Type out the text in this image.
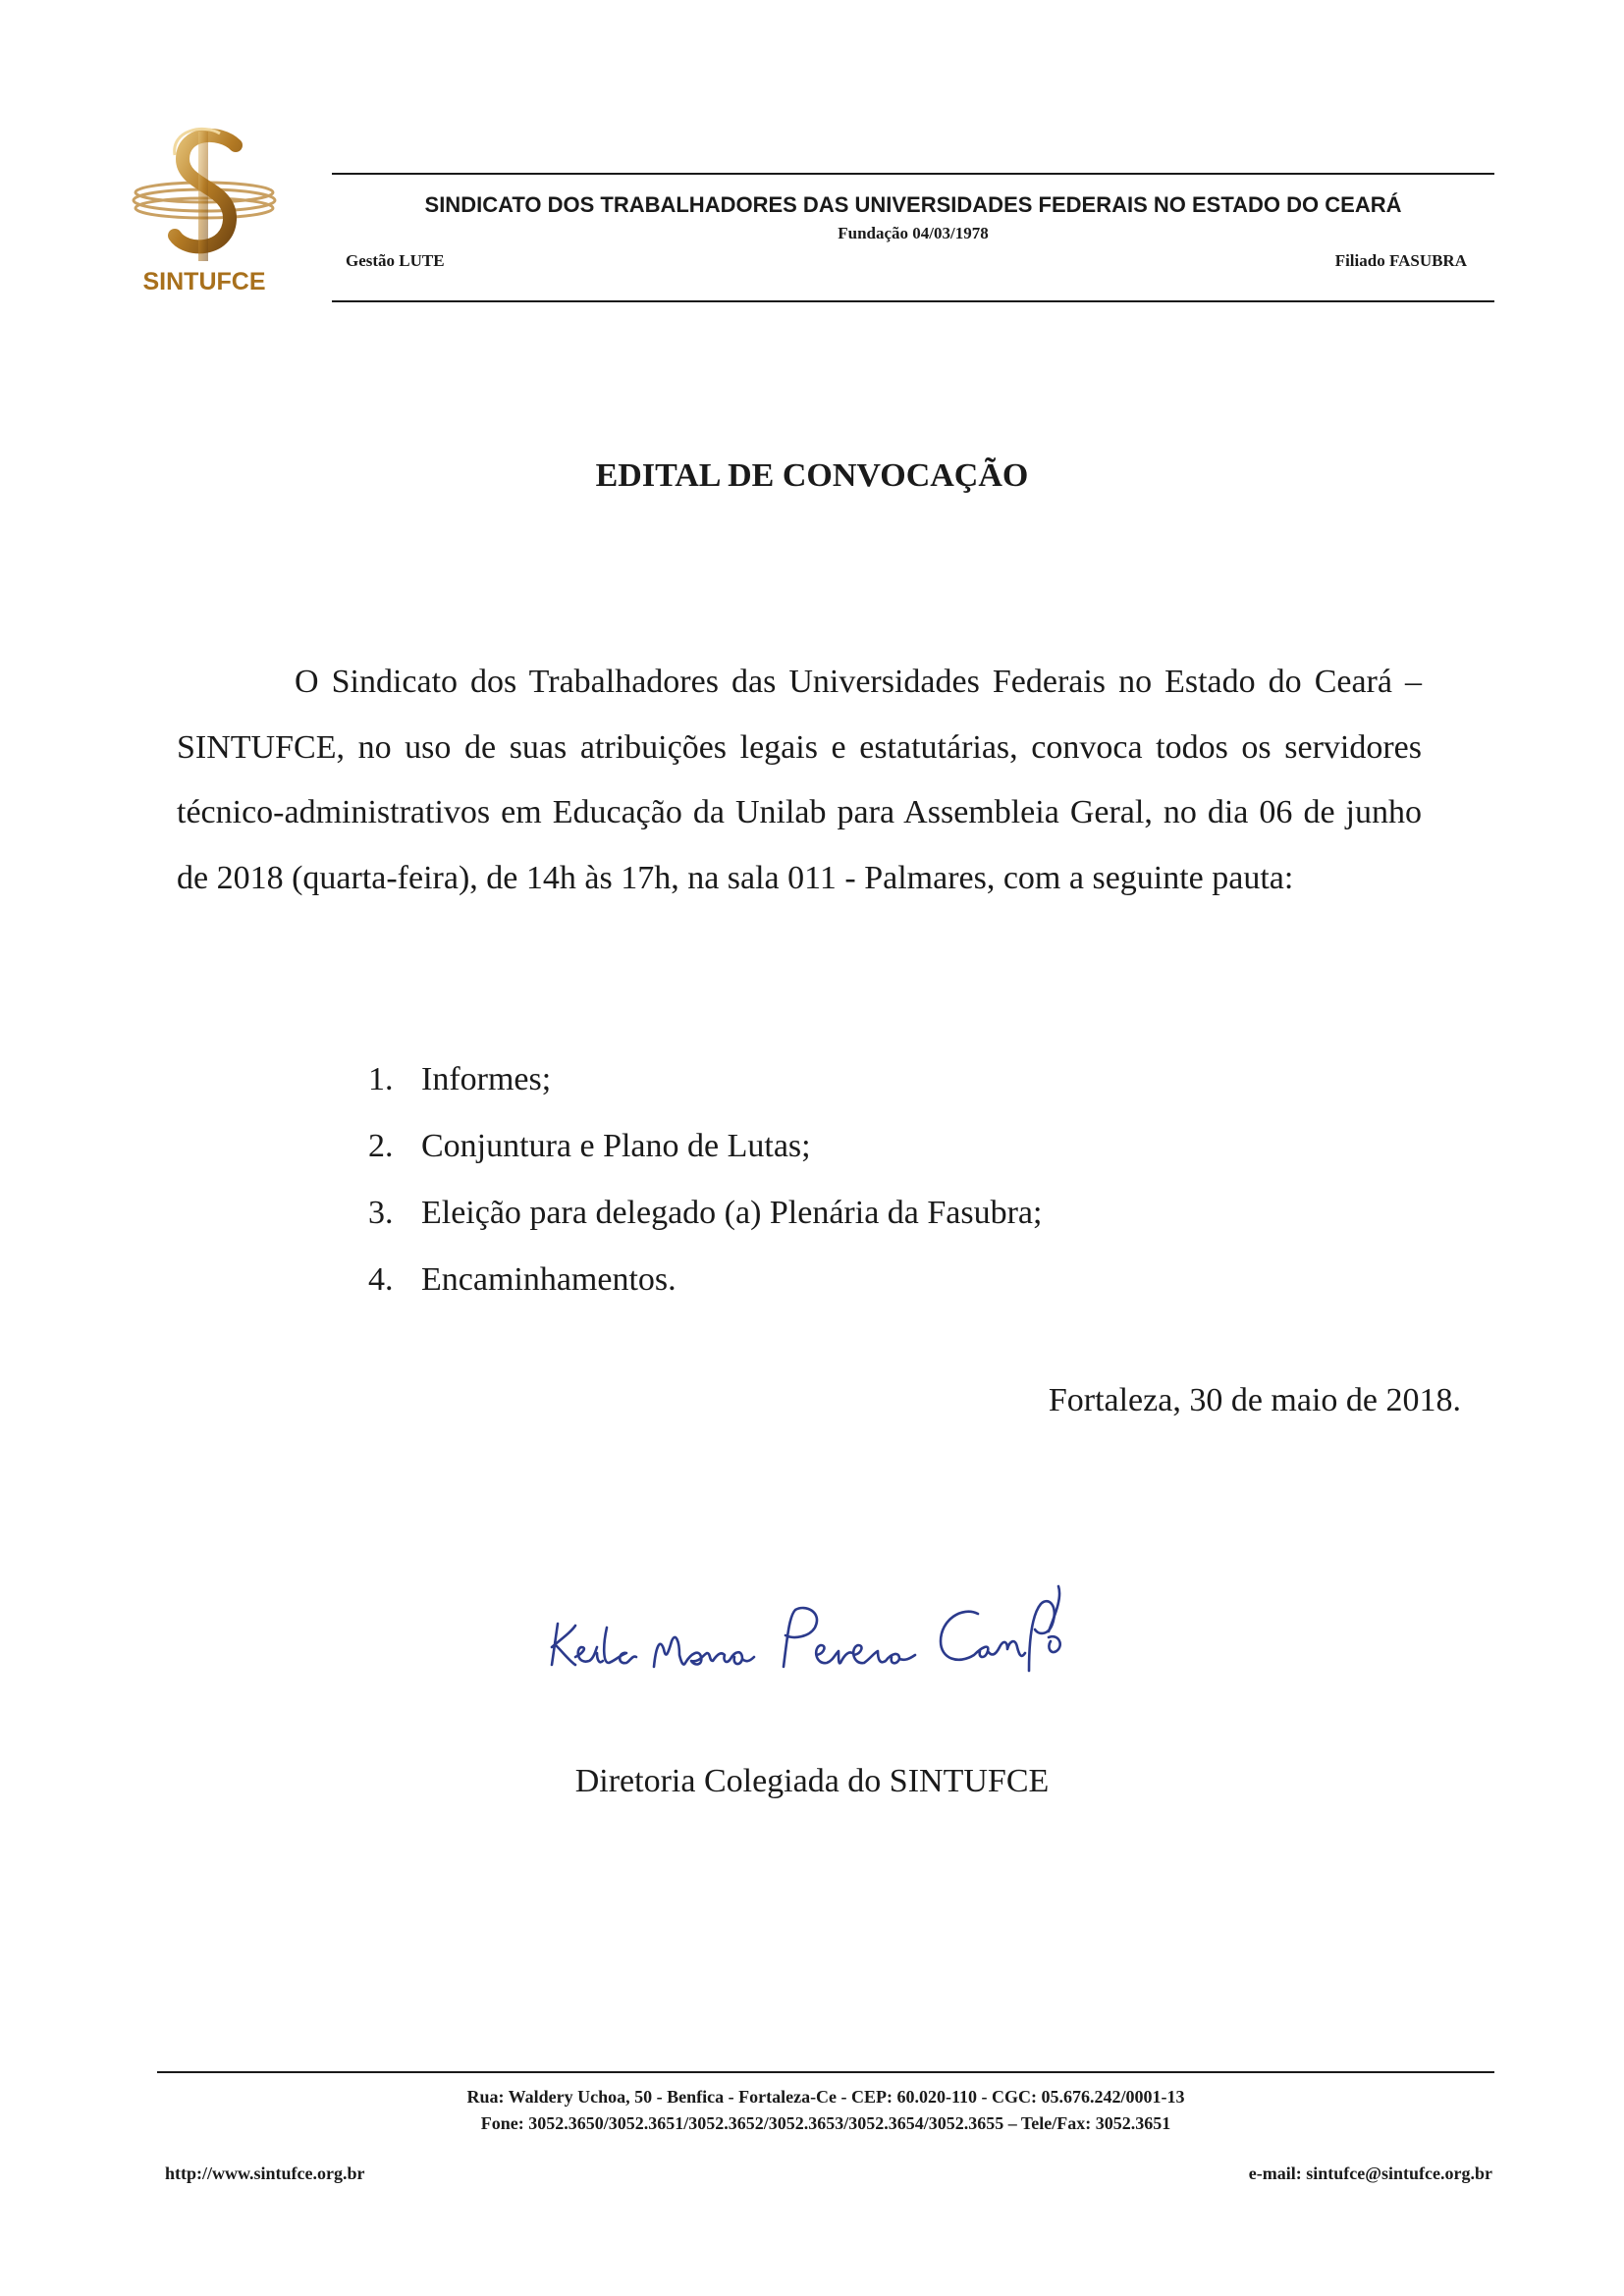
SINTUFCE
SINDICATO DOS TRABALHADORES DAS UNIVERSIDADES FEDERAIS NO ESTADO DO CEARÁ
Fundação 04/03/1978
Gestão LUTE	Filiado FASUBRA
EDITAL DE CONVOCAÇÃO
O Sindicato dos Trabalhadores das Universidades Federais no Estado do Ceará – SINTUFCE, no uso de suas atribuições legais e estatutárias, convoca todos os servidores técnico-administrativos em Educação da Unilab para Assembleia Geral, no dia 06 de junho de 2018 (quarta-feira), de 14h às 17h, na sala 011 - Palmares, com a seguinte pauta:
1. Informes;
2. Conjuntura e Plano de Lutas;
3. Eleição para delegado (a) Plenária da Fasubra;
4. Encaminhamentos.
Fortaleza, 30 de maio de 2018.
Diretoria Colegiada do SINTUFCE
Rua: Waldery Uchoa, 50 - Benfica - Fortaleza-Ce - CEP: 60.020-110 - CGC: 05.676.242/0001-13
Fone: 3052.3650/3052.3651/3052.3652/3052.3653/3052.3654/3052.3655 – Tele/Fax: 3052.3651
http://www.sintufce.org.br	e-mail: sintufce@sintufce.org.br
